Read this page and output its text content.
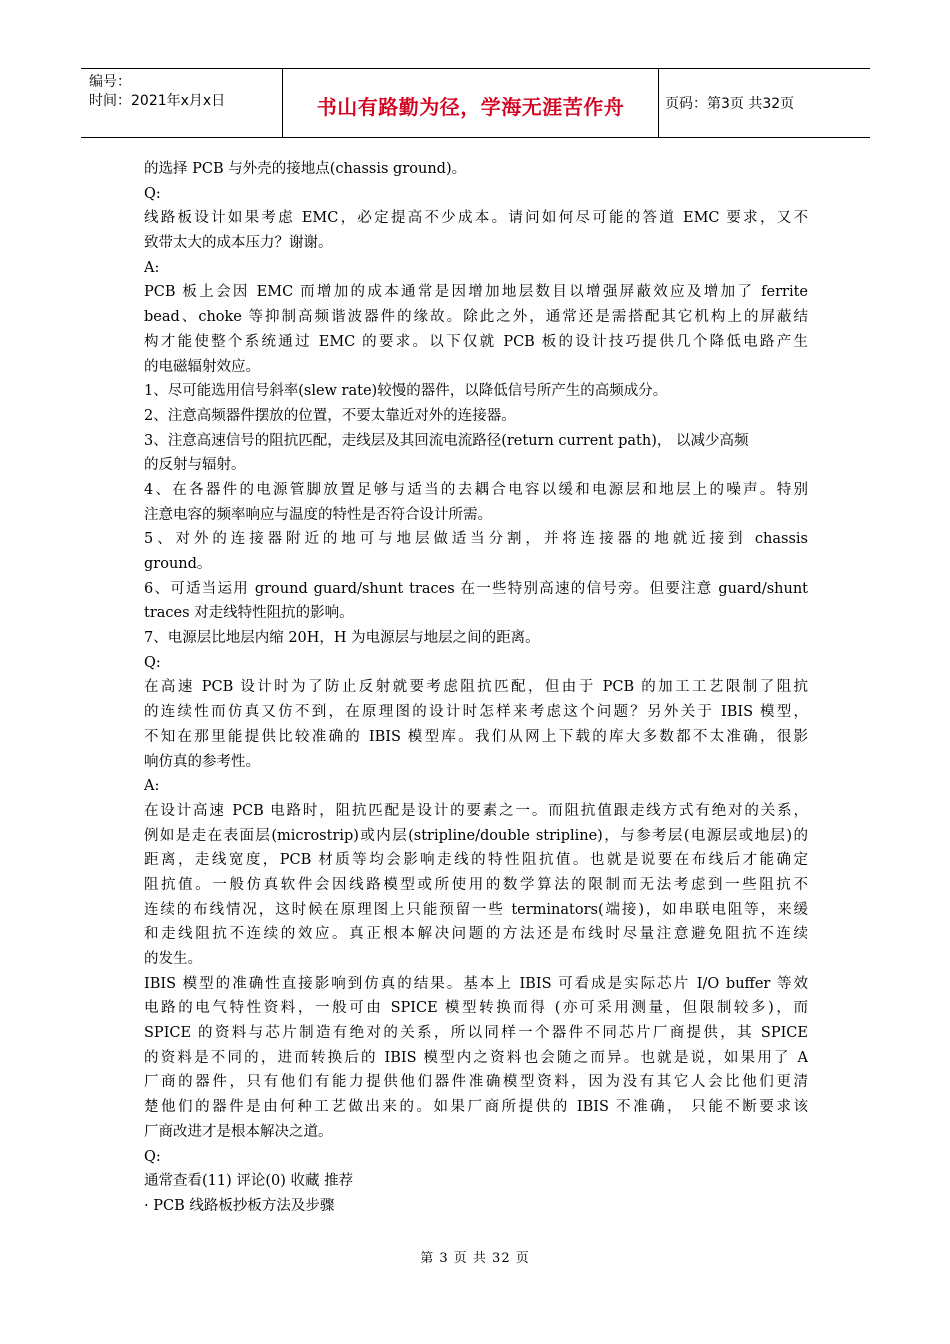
编号：
时间：2021年x月x日	书山有路勤为径，学海无涯苦作舟	页码：第3页 共32页
的选择 PCB 与外壳的接地点(chassis ground)。
Q:
线路板设计如果考虑 EMC，必定提高不少成本。请问如何尽可能的答道 EMC 要求，又不
致带太大的成本压力？谢谢。
A:
PCB 板上会因 EMC 而增加的成本通常是因增加地层数目以增强屏蔽效应及增加了 ferrite
bead、choke 等抑制高频谐波器件的缘故。除此之外，通常还是需搭配其它机构上的屏蔽结
构才能使整个系统通过 EMC 的要求。以下仅就 PCB 板的设计技巧提供几个降低电路产生
的电磁辐射效应。
1、尽可能选用信号斜率(slew rate)较慢的器件，以降低信号所产生的高频成分。
2、注意高频器件摆放的位置，不要太靠近对外的连接器。
3、注意高速信号的阻抗匹配，走线层及其回流电流路径(return current path)， 以减少高频
的反射与辐射。
4、在各器件的电源管脚放置足够与适当的去耦合电容以缓和电源层和地层上的噪声。特别
注意电容的频率响应与温度的特性是否符合设计所需。
5、对外的连接器附近的地可与地层做适当分割，并将连接器的地就近接到 chassis
ground。
6、可适当运用 ground guard/shunt traces 在一些特别高速的信号旁。但要注意 guard/shunt
traces 对走线特性阻抗的影响。
7、电源层比地层内缩 20H，H 为电源层与地层之间的距离。
Q:
在高速 PCB 设计时为了防止反射就要考虑阻抗匹配，但由于 PCB 的加工工艺限制了阻抗
的连续性而仿真又仿不到，在原理图的设计时怎样来考虑这个问题？另外关于 IBIS 模型，
不知在那里能提供比较准确的 IBIS 模型库。我们从网上下载的库大多数都不太准确，很影
响仿真的参考性。
A:
在设计高速 PCB 电路时，阻抗匹配是设计的要素之一。而阻抗值跟走线方式有绝对的关系，
例如是走在表面层(microstrip)或内层(stripline/double stripline)，与参考层(电源层或地层)的
距离，走线宽度，PCB 材质等均会影响走线的特性阻抗值。也就是说要在布线后才能确定
阻抗值。一般仿真软件会因线路模型或所使用的数学算法的限制而无法考虑到一些阻抗不
连续的布线情况，这时候在原理图上只能预留一些 terminators(端接)，如串联电阻等，来缓
和走线阻抗不连续的效应。真正根本解决问题的方法还是布线时尽量注意避免阻抗不连续
的发生。
IBIS 模型的准确性直接影响到仿真的结果。基本上 IBIS 可看成是实际芯片 I/O buffer 等效
电路的电气特性资料，一般可由 SPICE 模型转换而得 (亦可采用测量，但限制较多)，而
SPICE 的资料与芯片制造有绝对的关系，所以同样一个器件不同芯片厂商提供，其 SPICE
的资料是不同的，进而转换后的 IBIS 模型内之资料也会随之而异。也就是说，如果用了 A
厂商的器件，只有他们有能力提供他们器件准确模型资料，因为没有其它人会比他们更清
楚他们的器件是由何种工艺做出来的。如果厂商所提供的 IBIS 不准确， 只能不断要求该
厂商改进才是根本解决之道。
Q:
通常查看(11) 评论(0) 收藏 推荐
· PCB 线路板抄板方法及步骤
第 3 页 共 32 页
